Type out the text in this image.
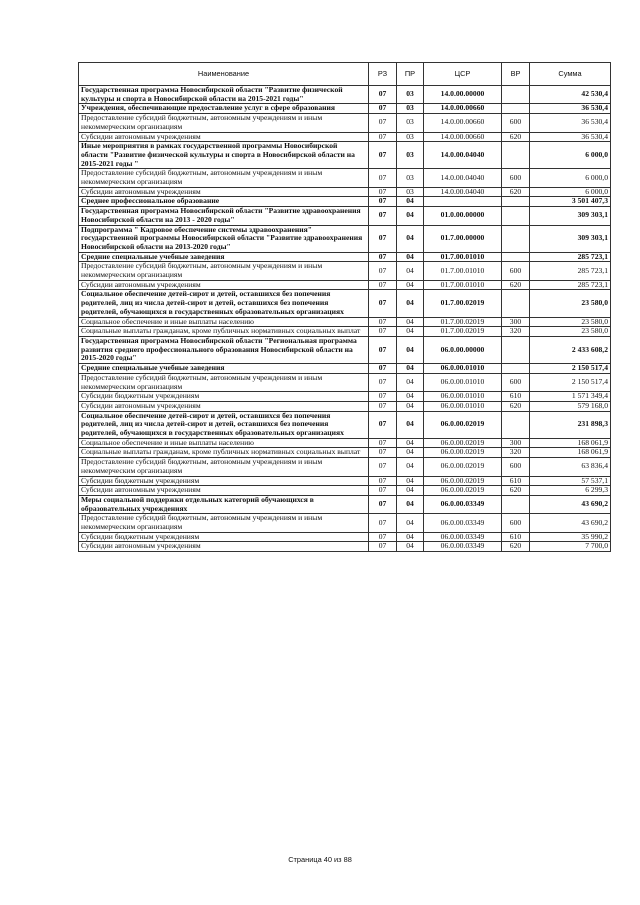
Наименование	РЗ	ПР	ЦСР	ВР	Сумма
Государственная программа Новосибирской области "Развитие физической культуры и спорта в Новосибирской области на 2015-2021 годы"	07	03	14.0.00.00000		42 530,4
Учреждения, обеспечивающие предоставление услуг в сфере образования	07	03	14.0.00.00660		36 530,4
Предоставление субсидий бюджетным, автономным учреждениям и иным некоммерческим организациям	07	03	14.0.00.00660	600	36 530,4
Субсидии автономным учреждениям	07	03	14.0.00.00660	620	36 530,4
Иные мероприятия в рамках государственной программы Новосибирской области "Развитие физической культуры и спорта в Новосибирской области на 2015-2021 годы "	07	03	14.0.00.04040		6 000,0
Предоставление субсидий бюджетным, автономным учреждениям и иным некоммерческим организациям	07	03	14.0.00.04040	600	6 000,0
Субсидии автономным учреждениям	07	03	14.0.00.04040	620	6 000,0
Среднее профессиональное образование	07	04			3 501 407,3
Государственная программа Новосибирской области "Развитие здравоохранения Новосибирской области на 2013 - 2020 годы"	07	04	01.0.00.00000		309 303,1
Подпрограмма " Кадровое обеспечение системы здравоохранения" государственной программы Новосибирской области "Развитие здравоохранения Новосибирской области на 2013-2020 годы"	07	04	01.7.00.00000		309 303,1
Средние специальные учебные заведения	07	04	01.7.00.01010		285 723,1
Предоставление субсидий бюджетным, автономным учреждениям и иным некоммерческим организациям	07	04	01.7.00.01010	600	285 723,1
Субсидии автономным учреждениям	07	04	01.7.00.01010	620	285 723,1
Социальное обеспечение детей-сирот и детей, оставшихся без попечения родителей, лиц из числа детей-сирот и детей, оставшихся без попечения родителей, обучающихся в государственных образовательных организациях	07	04	01.7.00.02019		23 580,0
Социальное обеспечение и иные выплаты населению	07	04	01.7.00.02019	300	23 580,0
Социальные выплаты гражданам, кроме публичных нормативных социальных выплат	07	04	01.7.00.02019	320	23 580,0
Государственная программа Новосибирской области "Региональная программа развития среднего профессионального образования Новосибирской области на 2015-2020 годы"	07	04	06.0.00.00000		2 433 608,2
Средние специальные учебные заведения	07	04	06.0.00.01010		2 150 517,4
Предоставление субсидий бюджетным, автономным учреждениям и иным некоммерческим организациям	07	04	06.0.00.01010	600	2 150 517,4
Субсидии бюджетным учреждениям	07	04	06.0.00.01010	610	1 571 349,4
Субсидии автономным учреждениям	07	04	06.0.00.01010	620	579 168,0
Социальное обеспечение детей-сирот и детей, оставшихся без попечения родителей, лиц из числа детей-сирот и детей, оставшихся без попечения родителей, обучающихся в государственных образовательных организациях	07	04	06.0.00.02019		231 898,3
Социальное обеспечение и иные выплаты населению	07	04	06.0.00.02019	300	168 061,9
Социальные выплаты гражданам, кроме публичных нормативных социальных выплат	07	04	06.0.00.02019	320	168 061,9
Предоставление субсидий бюджетным, автономным учреждениям и иным некоммерческим организациям	07	04	06.0.00.02019	600	63 836,4
Субсидии бюджетным учреждениям	07	04	06.0.00.02019	610	57 537,1
Субсидии автономным учреждениям	07	04	06.0.00.02019	620	6 299,3
Меры социальной поддержки отдельных категорий обучающихся в образовательных учреждениях	07	04	06.0.00.03349		43 690,2
Предоставление субсидий бюджетным, автономным учреждениям и иным некоммерческим организациям	07	04	06.0.00.03349	600	43 690,2
Субсидии бюджетным учреждениям	07	04	06.0.00.03349	610	35 990,2
Субсидии автономным учреждениям	07	04	06.0.00.03349	620	7 700,0
Страница 40 из 88
